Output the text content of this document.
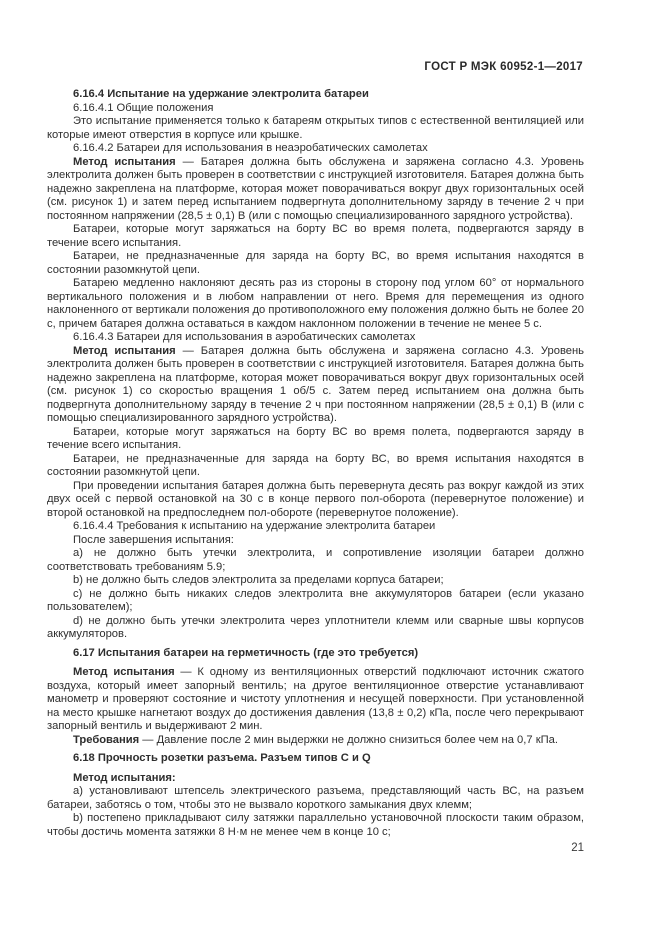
ГОСТ Р МЭК 60952-1—2017

6.16.4 Испытание на удержание электролита батареи

6.16.4.1 Общие положения

Это испытание применяется только к батареям открытых типов с естественной вентиляцией или которые имеют отверстия в корпусе или крышке.

6.16.4.2 Батареи для использования в неаэробатических самолетах

Метод испытания — Батарея должна быть обслужена и заряжена согласно 4.3. Уровень электролита должен быть проверен в соответствии с инструкцией изготовителя. Батарея должна быть надежно закреплена на платформе, которая может поворачиваться вокруг двух горизонтальных осей (см. рисунок 1) и затем перед испытанием подвергнута дополнительному заряду в течение 2 ч при постоянном напряжении (28,5 ± 0,1) В (или с помощью специализированного зарядного устройства).

Батареи, которые могут заряжаться на борту ВС во время полета, подвергаются заряду в течение всего испытания.

Батареи, не предназначенные для заряда на борту ВС, во время испытания находятся в состоянии разомкнутой цепи.

Батарею медленно наклоняют десять раз из стороны в сторону под углом 60° от нормального вертикального положения и в любом направлении от него. Время для перемещения из одного наклоненного от вертикали положения до противоположного ему положения должно быть не более 20 с, причем батарея должна оставаться в каждом наклонном положении в течение не менее 5 с.

6.16.4.3 Батареи для использования в аэробатических самолетах

Метод испытания — Батарея должна быть обслужена и заряжена согласно 4.3. Уровень электролита должен быть проверен в соответствии с инструкцией изготовителя. Батарея должна быть надежно закреплена на платформе, которая может поворачиваться вокруг двух горизонтальных осей (см. рисунок 1) со скоростью вращения 1 об/5 с. Затем перед испытанием она должна быть подвергнута дополнительному заряду в течение 2 ч при постоянном напряжении (28,5 ± 0,1) В (или с помощью специализированного зарядного устройства).

Батареи, которые могут заряжаться на борту ВС во время полета, подвергаются заряду в течение всего испытания.

Батареи, не предназначенные для заряда на борту ВС, во время испытания находятся в состоянии разомкнутой цепи.

При проведении испытания батарея должна быть перевернута десять раз вокруг каждой из этих двух осей с первой остановкой на 30 с в конце первого пол-оборота (перевернутое положение) и второй остановкой на предпоследнем пол-обороте (перевернутое положение).

6.16.4.4 Требования к испытанию на удержание электролита батареи

После завершения испытания:

a) не должно быть утечки электролита, и сопротивление изоляции батареи должно соответствовать требованиям 5.9;

b) не должно быть следов электролита за пределами корпуса батареи;

c) не должно быть никаких следов электролита вне аккумуляторов батареи (если указано пользователем);

d) не должно быть утечки электролита через уплотнители клемм или сварные швы корпусов аккумуляторов.

6.17 Испытания батареи на герметичность (где это требуется)

Метод испытания — К одному из вентиляционных отверстий подключают источник сжатого воздуха, который имеет запорный вентиль; на другое вентиляционное отверстие устанавливают манометр и проверяют состояние и чистоту уплотнения и несущей поверхности. При установленной на место крышке нагнетают воздух до достижения давления (13,8 ± 0,2) кПа, после чего перекрывают запорный вентиль и выдерживают 2 мин.

Требования — Давление после 2 мин выдержки не должно снизиться более чем на 0,7 кПа.

6.18 Прочность розетки разъема. Разъем типов C и Q

Метод испытания:

a) установливают штепсель электрического разъема, представляющий часть ВС, на разъем батареи, заботясь о том, чтобы это не вызвало короткого замыкания двух клемм;

b) постепено прикладывают силу затяжки параллельно установочной плоскости таким образом, чтобы достичь момента затяжки 8 Н·м не менее чем в конце 10 с;

21
